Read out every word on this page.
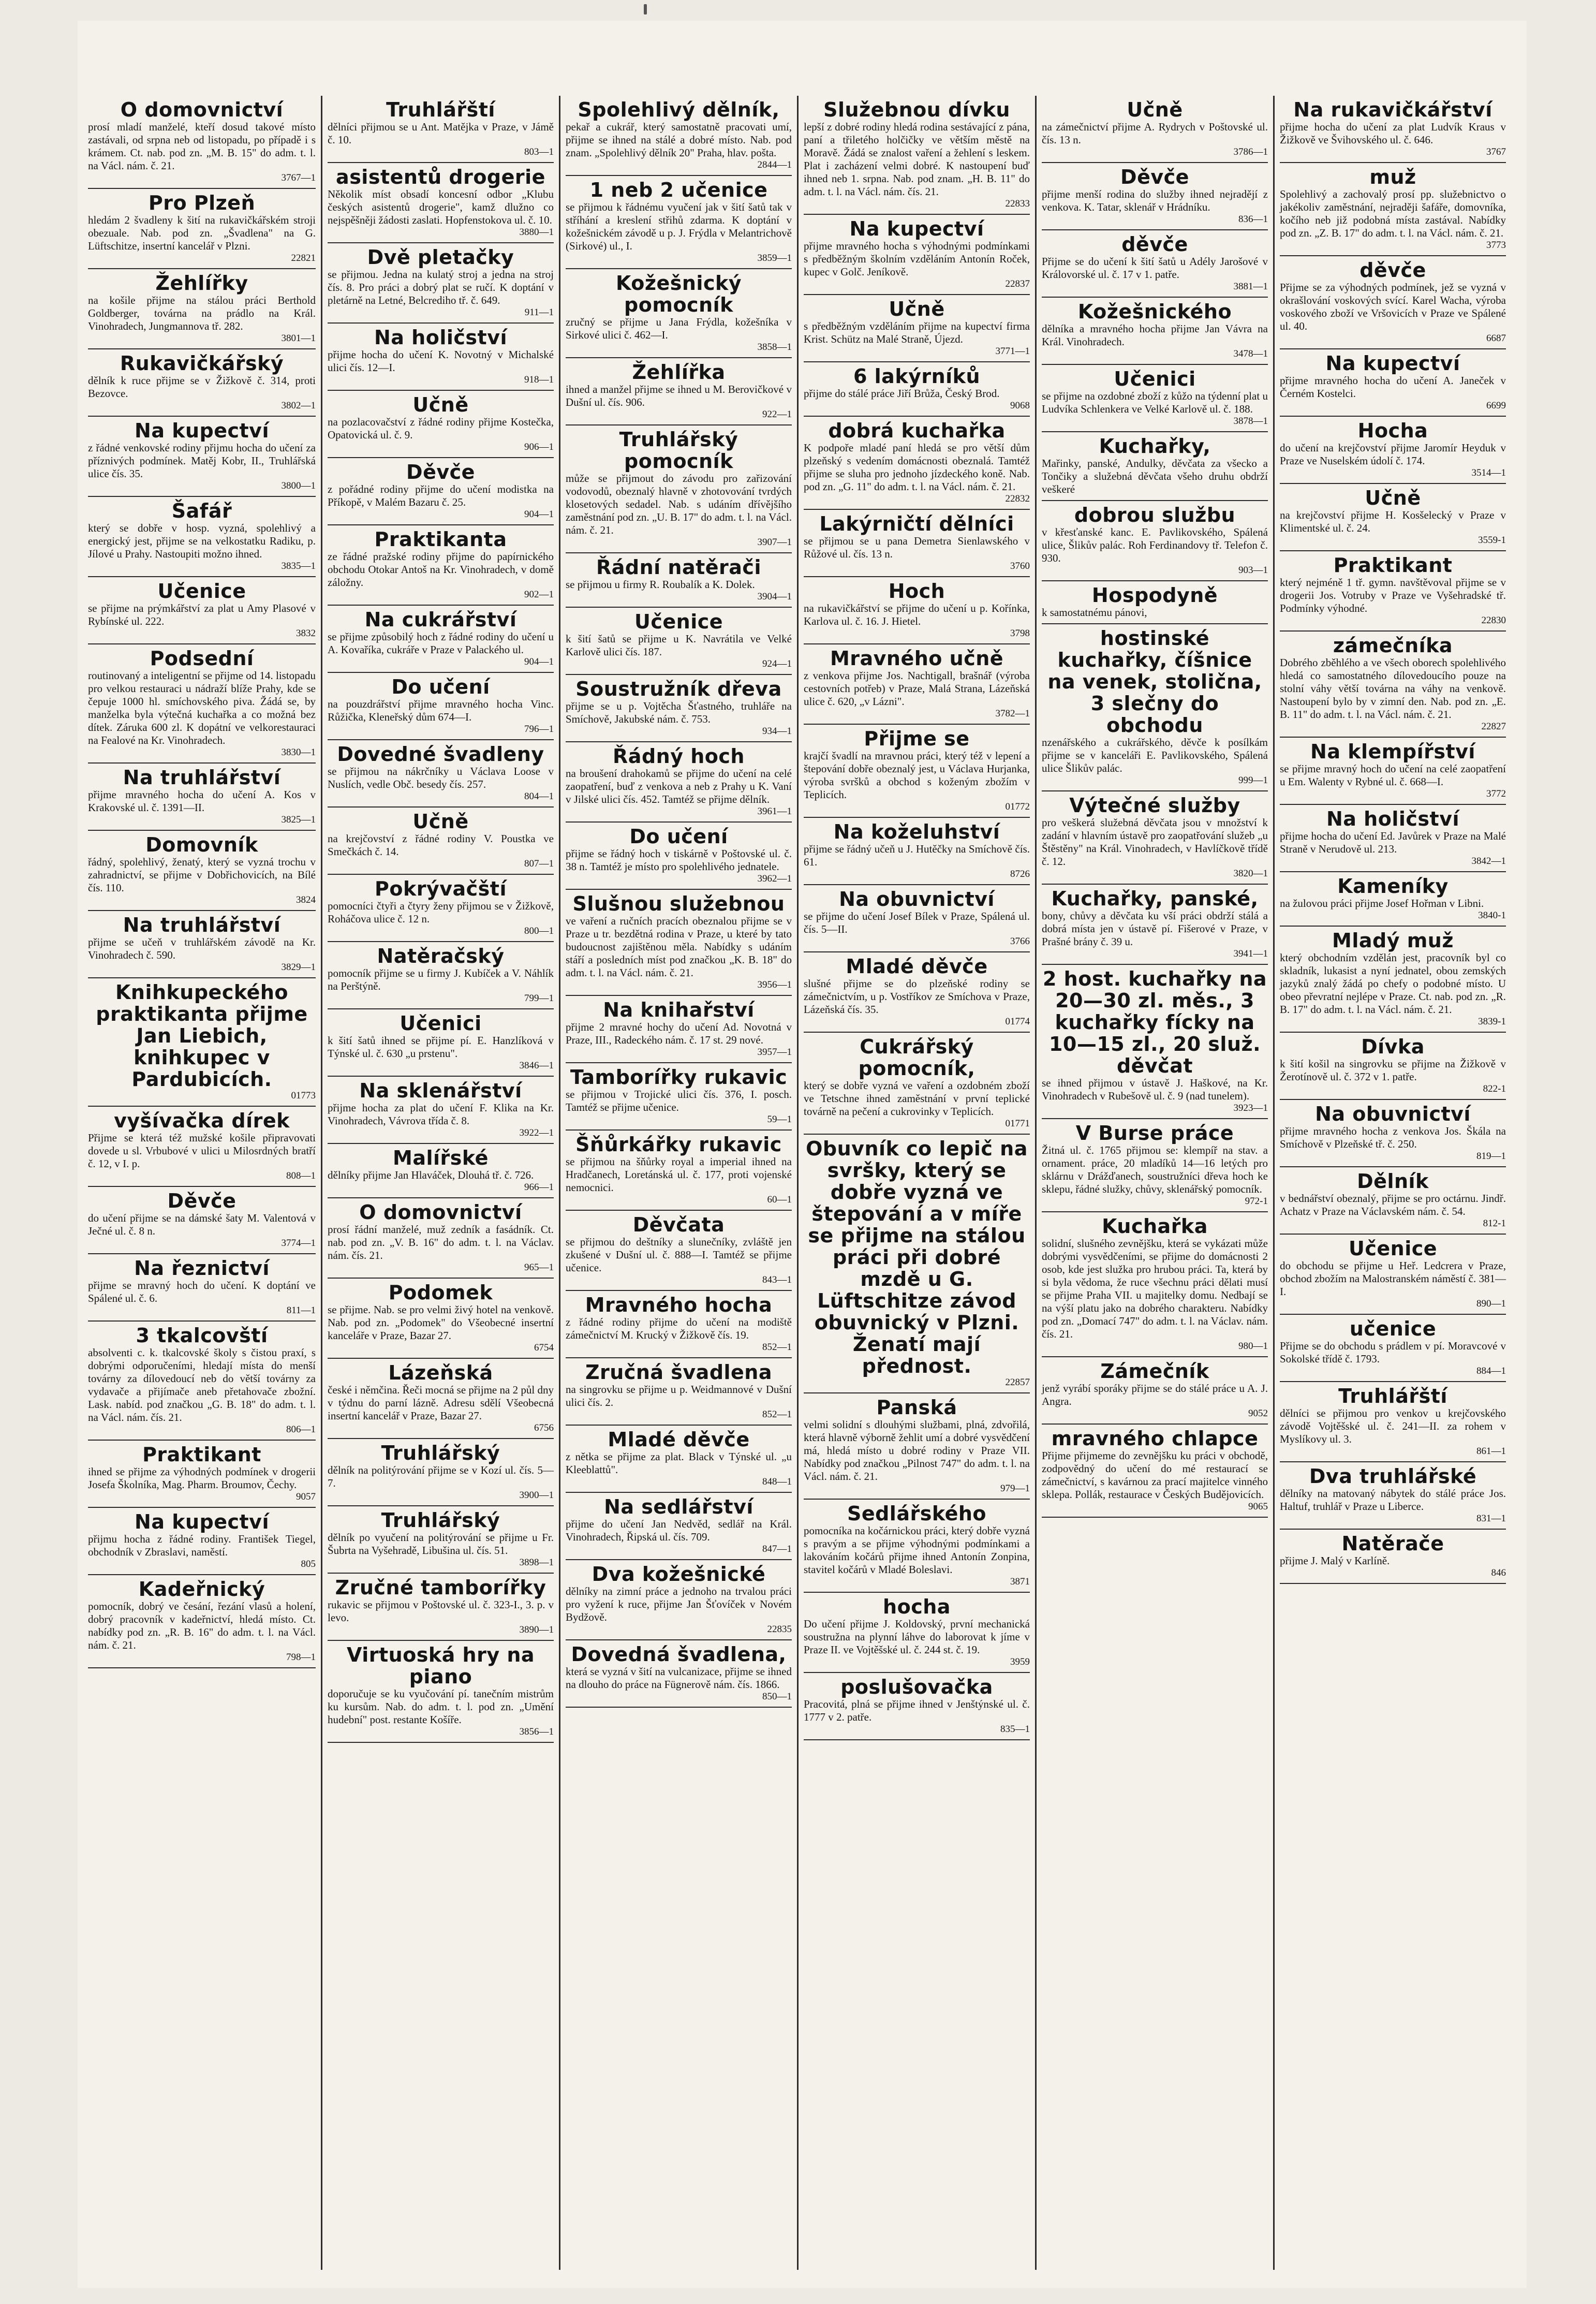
O domovnictví
prosí mladí manželé, kteří dosud takové místo zastávali, od srpna neb od listopadu, po případě i s krámem. Ct. nab. pod zn. „M. B. 15" do adm. t. l. na Václ. nám. č. 21.
3767—1
Pro Plzeň
hledám 2 švadleny k šití na rukavičkářském stroji obezuale. Nab. pod zn. „Švadlena" na G. Lüftschitze, insertní kancelář v Plzni.
22821
Žehlířky
na košile přijme na stálou práci Berthold Goldberger, továrna na prádlo na Král. Vinohradech, Jungmannova tř. 282.
3801—1
Rukavičkářský
dělník k ruce přijme se v Žižkově č. 314, proti Bezovce.
3802—1
Na kupectví
z řádné venkovské rodiny přijmu hocha do učení za příznivých podmínek. Matěj Kobr, II., Truhlářská ulice čís. 35.
3800—1
Šafář
který se dobře v hosp. vyzná, spolehlivý a energický jest, přijme se na velkostatku Radiku, p. Jílové u Prahy. Nastoupiti možno ihned.
3835—1
Učenice
se přijme na prýmkářství za plat u Amy Plasové v Rybínské ul. 222.
3832
Podsední
routinovaný a inteligentní se přijme od 14. listopadu pro velkou restauraci u nádraží blíže Prahy, kde se čepuje 1000 hl. smíchovského piva. Žádá se, by manželka byla výtečná kuchařka a co možná bez dítek. Záruka 600 zl. K dopátní ve velkorestauraci na Fealové na Kr. Vinohradech.
3830—1
Na truhlářství
přijme mravného hocha do učení A. Kos v Krakovské ul. č. 1391—II.
3825—1
Domovník
řádný, spolehlivý, ženatý, který se vyzná trochu v zahradnictví, se přijme v Dobřichovicích, na Bílé čís. 110.
3824
Na truhlářství
přijme se učeň v truhlářském závodě na Kr. Vinohradech č. 590.
3829—1
Knihkupeckého praktikanta přijme Jan Liebich, knihkupec v Pardubicích.
01773
vyšívačka dírek
Přijme se která též mužské košile připravovati dovede u sl. Vrbubové v ulici u Milosrdných bratří č. 12, v I. p.
808—1
Děvče
do učení přijme se na dámské šaty M. Valentová v Ječné ul. č. 8 n.
3774—1
Na řeznictví
přijme se mravný hoch do učení. K doptání ve Spálené ul. č. 6.
811—1
3 tkalcovští
absolventi c. k. tkalcovské školy s čistou praxí, s dobrými odporučeními, hledají místa do menší továrny za dílovedoucí neb do větší továrny za vydavače a přijímače aneb přetahovače zbožní. Lask. nabíd. pod značkou „G. B. 18" do adm. t. l. na Václ. nám. čís. 21.
806—1
Praktikant
ihned se přijme za výhodných podmínek v drogerii Josefa Školníka, Mag. Pharm. Broumov, Čechy.
9057
Na kupectví
přijmu hocha z řádné rodiny. František Tiegel, obchodník v Zbraslavi, naměstí.
805
Kadeřnický
pomocník, dobrý ve česání, řezání vlasů a holení, dobrý pracovník v kadeřnictví, hledá místo. Ct. nabídky pod zn. „R. B. 16" do adm. t. l. na Václ. nám. č. 21.
798—1
Truhlářští
dělníci přijmou se u Ant. Matějka v Praze, v Jámě č. 10.
803—1
asistentů drogerie
Několik míst obsadí koncesní odbor „Klubu českých asistentů drogerie", kamž dlužno co nejspěšněji žádosti zaslati. Hopfenstokova ul. č. 10.
3880—1
Dvě pletačky
se přijmou. Jedna na kulatý stroj a jedna na stroj čís. 8. Pro práci a dobrý plat se ručí. K doptání v pletárně na Letné, Belcrediho tř. č. 649.
911—1
Na holičství
přijme hocha do učení K. Novotný v Michalské ulici čís. 12—I.
918—1
Učně
na pozlacovačství z řádné rodiny přijme Kostečka, Opatovická ul. č. 9.
906—1
Děvče
z pořádné rodiny přijme do učení modistka na Příkopě, v Malém Bazaru č. 25.
904—1
Praktikanta
ze řádné pražské rodiny přijme do papírnického obchodu Otokar Antoš na Kr. Vinohradech, v domě záložny.
902—1
Na cukrářství
se přijme způsobilý hoch z řádné rodiny do učení u A. Kovaříka, cukráře v Praze v Palackého ul.
904—1
Do učení
na pouzdrářství přijme mravného hocha Vinc. Růžička, Kleneřský dům 674—I.
796—1
Dovedné švadleny
se přijmou na nákrčníky u Václava Loose v Nuslích, vedle Obč. besedy čís. 257.
804—1
Učně
na krejčovství z řádné rodiny V. Poustka ve Smečkách č. 14.
807—1
Pokrývačští
pomocníci čtyři a čtyry ženy přijmou se v Žižkově, Roháčova ulice č. 12 n.
800—1
Natěračský
pomocník přijme se u firmy J. Kubíček a V. Náhlík na Perštýně.
799—1
Učenici
k šití šatů ihned se přijme pí. E. Hanzlíková v Týnské ul. č. 630 „u prstenu".
3846—1
Na sklenářství
přijme hocha za plat do učení F. Klika na Kr. Vinohradech, Vávrova třída č. 8.
3922—1
Malířské
dělníky přijme Jan Hlaváček, Dlouhá tř. č. 726.
966—1
O domovnictví
prosí řádní manželé, muž zedník a fasádník. Ct. nab. pod zn. „V. B. 16" do adm. t. l. na Václav. nám. čís. 21.
965—1
Podomek
se přijme. Nab. se pro velmi živý hotel na venkově. Nab. pod zn. „Podomek" do Všeobecné insertní kanceláře v Praze, Bazar 27.
6754
Lázeňská
české i němčina. Řeči mocná se přijme na 2 půl dny v týdnu do parní lázně. Adresu sdělí Všeobecná insertní kancelář v Praze, Bazar 27.
6756
Truhlářský
dělník na politýrování přijme se v Kozí ul. čís. 5—7.
3900—1
Truhlářský
dělník po vyučení na politýrování se přijme u Fr. Šubrta na Vyšehradě, Libušina ul. čís. 51.
3898—1
Zručné tamborířky
rukavic se přijmou v Poštovské ul. č. 323-I., 3. p. v levo.
3890—1
Virtuoská hry na piano
doporučuje se ku vyučování pí. tanečním mistrům ku kursům. Nab. do adm. t. l. pod zn. „Umění hudební" post. restante Košíře.
3856—1
Spolehlivý dělník,
pekař a cukrář, který samostatně pracovati umí, přijme se ihned na stálé a dobré místo. Nab. pod znam. „Spolehlivý dělník 20" Praha, hlav. pošta.
2844—1
1 neb 2 učenice
se přijmou k řádnému vyučení jak v šití šatů tak v stříhání a kreslení střihů zdarma. K doptání v kožešnickém závodě u p. J. Frýdla v Melantrichově (Sirkové) ul., I.
3859—1
Kožešnický pomocník
zručný se přijme u Jana Frýdla, kožešníka v Sirkové ulici č. 462—I.
3858—1
Žehlířka
ihned a manžel přijme se ihned u M. Berovičkové v Dušní ul. čís. 906.
922—1
Truhlářský pomocník
může se přijmout do závodu pro zařizování vodovodů, obeznalý hlavně v zhotovování tvrdých klosetových sedadel. Nab. s udáním dřívějšího zaměstnání pod zn. „U. B. 17" do adm. t. l. na Václ. nám. č. 21.
3907—1
Řádní natěrači
se přijmou u firmy R. Roubalík a K. Dolek.
3904—1
Učenice
k šití šatů se přijme u K. Navrátila ve Velké Karlově ulici čís. 187.
924—1
Soustružník dřeva
přijme se u p. Vojtěcha Šťastného, truhláře na Smíchově, Jakubské nám. č. 753.
934—1
Řádný hoch
na broušení drahokamů se přijme do učení na celé zaopatření, buď z venkova a neb z Prahy u K. Vaní v Jilské ulici čís. 452. Tamtéž se přijme dělník.
3961—1
Do učení
přijme se řádný hoch v tiskárně v Poštovské ul. č. 38 n. Tamtéž je místo pro spolehlivého jednatele.
3962—1
Slušnou služebnou
ve vaření a ručních pracích obeznalou přijme se v Praze u tr. bezdětná rodina v Praze, u které by tato budoucnost zajištěnou měla. Nabídky s udáním stáří a posledních míst pod značkou „K. B. 18" do adm. t. l. na Václ. nám. č. 21.
3956—1
Na knihařství
přijme 2 mravné hochy do učení Ad. Novotná v Praze, III., Radeckého nám. č. 17 st. 29 nové.
3957—1
Tamborířky rukavic
se přijmou v Trojické ulici čís. 376, I. posch. Tamtéž se přijme učenice.
59—1
Šňůrkářky rukavic
se přijmou na šňůrky royal a imperial ihned na Hradčanech, Loretánská ul. č. 177, proti vojenské nemocnici.
60—1
Děvčata
se přijmou do deštníky a slunečníky, zvláště jen zkušené v Dušní ul. č. 888—I. Tamtéž se přijme učenice.
843—1
Mravného hocha
z řádné rodiny přijme do učení na modiště zámečnictví M. Krucký v Žižkově čís. 19.
852—1
Zručná švadlena
na singrovku se přijme u p. Weidmannové v Dušní ulici čís. 2.
852—1
Mladé děvče
z nětka se přijme za plat. Black v Týnské ul. „u Kleeblattů".
848—1
Na sedlářství
přijme do učení Jan Nedvěd, sedlář na Král. Vinohradech, Řipská ul. čís. 709.
847—1
Dva kožešnické
dělníky na zimní práce a jednoho na trvalou práci pro vyžení k ruce, přijme Jan Šťovíček v Novém Bydžově.
22835
Dovedná švadlena,
která se vyzná v šití na vulcanizace, přijme se ihned na dlouho do práce na Fügnerově nám. čís. 1866.
850—1
Služebnou dívku
lepší z dobré rodiny hledá rodina sestávající z pána, paní a třiletého holčičky ve větším městě na Moravě. Žádá se znalost vaření a žehlení s leskem. Plat i zacházení velmi dobré. K nastoupení buď ihned neb 1. srpna. Nab. pod znam. „H. B. 11" do adm. t. l. na Václ. nám. čís. 21.
22833
Na kupectví
přijme mravného hocha s výhodnými podmínkami s předběžným školním vzděláním Antonín Roček, kupec v Golč. Jeníkově.
22837
Učně
s předběžným vzděláním přijme na kupectví firma Krist. Schütz na Malé Straně, Újezd.
3771—1
6 lakýrníků
přijme do stálé práce Jiří Brůža, Český Brod.
9068
dobrá kuchařka
K podpoře mladé paní hledá se pro větší dům plzeňský s vedením domácnosti obeznalá. Tamtéž přijme se sluha pro jednoho jízdeckého koně. Nab. pod zn. „G. 11" do adm. t. l. na Václ. nám. č. 21.
22832
Lakýrničtí dělníci
se přijmou se u pana Demetra Sienlawského v Růžové ul. čís. 13 n.
3760
Hoch
na rukavičkářství se přijme do učení u p. Kořínka, Karlova ul. č. 16. J. Hietel.
3798
Mravného učně
z venkova přijme Jos. Nachtigall, brašnář (výroba cestovních potřeb) v Praze, Malá Strana, Lázeňská ulice č. 620, „v Lázni".
3782—1
Přijme se
krajčí švadlí na mravnou práci, který též v lepení a štepování dobře obeznalý jest, u Václava Hurjanka, výroba svršků a obchod s koženým zbožím v Teplicích.
01772
Na koželuhství
přijme se řádný učeň u J. Hutěčky na Smíchově čís. 61.
8726
Na obuvnictví
se přijme do učení Josef Bílek v Praze, Spálená ul. čís. 5—II.
3766
Mladé děvče
slušné přijme se do plzeňské rodiny se zámečnictvím, u p. Vostříkov ze Smíchova v Praze, Lázeňská čís. 35.
01774
Cukrářský pomocník,
který se dobře vyzná ve vaření a ozdobném zboží ve Tetschne ihned zaměstnání v první teplické továrně na pečení a cukrovinky v Teplicích.
01771
Obuvník co lepič na svršky, který se dobře vyzná ve štepování a v míře se přijme na stálou práci při dobré mzdě u G. Lüftschitze závod obuvnický v Plzni. Ženatí mají přednost.
22857
Panská
velmi solidní s dlouhými službami, plná, zdvořilá, která hlavně výborně žehlit umí a dobré vysvědčení má, hledá místo u dobré rodiny v Praze VII. Nabídky pod značkou „Pilnost 747" do adm. t. l. na Václ. nám. č. 21.
979—1
Sedlářského
pomocníka na kočárnickou práci, který dobře vyzná s pravým a se přijme výhodnými podmínkami a lakováním kočárů přijme ihned Antonín Zonpina, stavitel kočárů v Mladé Boleslavi.
3871
hocha
Do učení přijme J. Koldovský, první mechanická soustružna na plynní láhve do laborovat k jíme v Praze II. ve Vojtěšské ul. č. 244 st. č. 19.
3959
poslušovačka
Pracovitá, plná se přijme ihned v Jenštýnské ul. č. 1777 v 2. patře.
835—1
Učně
na zámečnictví přijme A. Rydrych v Poštovské ul. čís. 13 n.
3786—1
Děvče
přijme menší rodina do služby ihned nejradějí z venkova. K. Tatar, sklenář v Hrádníku.
836—1
děvče
Přijme se do učení k šití šatů u Adély Jarošové v Královorské ul. č. 17 v 1. patře.
3881—1
Kožešnického
dělníka a mravného hocha přijme Jan Vávra na Král. Vinohradech.
3478—1
Učenici
se přijme na ozdobné zboží z kůžo na týdenní plat u Ludvíka Schlenkera ve Velké Karlově ul. č. 188.
3878—1
Kuchařky,
Mařinky, panské, Andulky, děvčata za všecko a Tončiky a služebná děvčata všeho druhu obdrží veškeré
dobrou službu
v křesťanské kanc. E. Pavlikovského, Spálená ulice, Šlikův palác. Roh Ferdinandovy tř. Telefon č. 930.
903—1
Hospodyně
k samostatnému pánovi,
hostinské kuchařky, číšnice na venek, stolična, 3 slečny do obchodu
nzenářského a cukrářského, děvče k posílkám přijme se v kanceláři E. Pavlikovského, Spálená ulice Šlikův palác.
999—1
Výtečné služby
pro veškerá služebná děvčata jsou v množství k zadání v hlavním ústavě pro zaopatřování služeb „u Štěstěny" na Král. Vinohradech, v Havlíčkově třídě č. 12.
3820—1
Kuchařky, panské,
bony, chůvy a děvčata ku vší práci obdrží stálá a dobrá místa jen v ústavě pí. Fišerové v Praze, v Prašné brány č. 39 u.
3941—1
2 host. kuchařky na 20—30 zl. měs., 3 kuchařky fícky na 10—15 zl., 20 služ. děvčat
se ihned přijmou v ústavě J. Haškové, na Kr. Vinohradech v Rubešově ul. č. 9 (nad tunelem).
3923—1
V Burse práce
Žitná ul. č. 1765 přijmou se: klempíř na stav. a ornament. práce, 20 mladíků 14—16 letých pro sklárnu v Drážďanech, soustružníci dřeva hoch ke sklepu, řádné služky, chůvy, sklenářský pomocník.
972-1
Kuchařka
solidní, slušného zevnějšku, která se vykázati může dobrými vysvědčeními, se přijme do domácnosti 2 osob, kde jest služka pro hrubou práci. Ta, která by si byla vědoma, že ruce všechnu práci dělati musí se přijme Praha VII. u majitelky domu. Nedbají se na výší platu jako na dobrého charakteru. Nabídky pod zn. „Domací 747" do adm. t. l. na Václav. nám. čís. 21.
980—1
Zámečník
jenž vyrábí sporáky přijme se do stálé práce u A. J. Angra.
9052
mravného chlapce
Přijme přijmeme do zevnějšku ku práci v obchodě, zodpovědný do učení do mé restaurací se zámečnictví, s kavárnou za prací majitelce vinného sklepa. Pollák, restaurace v Českých Budějovicích.
9065
Na rukavičkářství
přijme hocha do učení za plat Ludvík Kraus v Žižkově ve Švihovského ul. č. 646.
3767
muž
Spolehlivý a zachovalý prosí pp. služebnictvo o jakékoliv zaměstnání, nejraději šafáře, domovníka, kočího neb již podobná místa zastával. Nabídky pod zn. „Z. B. 17" do adm. t. l. na Václ. nám. č. 21.
3773
děvče
Přijme se za výhodných podmínek, jež se vyzná v okrašlování voskových svící. Karel Wacha, výroba voskového zboží ve Vršovicích v Praze ve Spálené ul. 40.
6687
Na kupectví
přijme mravného hocha do učení A. Janeček v Černém Kostelci.
6699
Hocha
do učení na krejčovství přijme Jaromír Heyduk v Praze ve Nuselském údolí č. 174.
3514—1
Učně
na krejčovství přijme H. Kosšelecký v Praze v Klimentské ul. č. 24.
3559-1
Praktikant
který nejméně 1 tř. gymn. navštěvoval přijme se v drogerii Jos. Votruby v Praze ve Vyšehradské tř. Podmínky výhodné.
22830
zámečníka
Dobrého zběhlého a ve všech oborech spolehlivého hledá co samostatného dílovedoucího pouze na stolní váhy větší továrna na váhy na venkově. Nastoupení bylo by v zimní den. Nab. pod zn. „E. B. 11" do adm. t. l. na Václ. nám. č. 21.
22827
Na klempířství
se přijme mravný hoch do učení na celé zaopatření u Em. Walenty v Rybné ul. č. 668—I.
3772
Na holičství
přijme hocha do učení Ed. Javůrek v Praze na Malé Straně v Nerudově ul. 213.
3842—1
Kameníky
na žulovou práci přijme Josef Hořman v Libni.
3840-1
Mladý muž
který obchodním vzdělán jest, pracovník byl co skladník, lukasist a nyní jednatel, obou zemských jazyků znalý žádá po chefy o podobné místo. U obeo převratní nejlépe v Praze. Ct. nab. pod zn. „R. B. 17" do adm. t. l. na Václ. nám. č. 21.
3839-1
Dívka
k šití košil na singrovku se přijme na Žižkově v Žerotínově ul. č. 372 v 1. patře.
822-1
Na obuvnictví
přijme mravného hocha z venkova Jos. Škála na Smíchově v Plzeňské tř. č. 250.
819—1
Dělník
v bednářství obeznalý, přijme se pro octárnu. Jindř. Achatz v Praze na Václavském nám. č. 54.
812-1
Učenice
do obchodu se přijme u Heř. Ledcrera v Praze, obchod zbožím na Malostranském náměstí č. 381—I.
890—1
učenice
Přijme se do obchodu s prádlem v pí. Moravcové v Sokolské třídě č. 1793.
884—1
Truhlářští
dělníci se přijmou pro venkov u krejčovského závodě Vojtěšské ul. č. 241—II. za rohem v Myslíkovy ul. 3.
861—1
Dva truhlářské
dělníky na matovaný nábytek do stálé práce Jos. Haltuf, truhlář v Praze u Liberce.
831—1
Natěrače
přijme J. Malý v Karlíně.
846
